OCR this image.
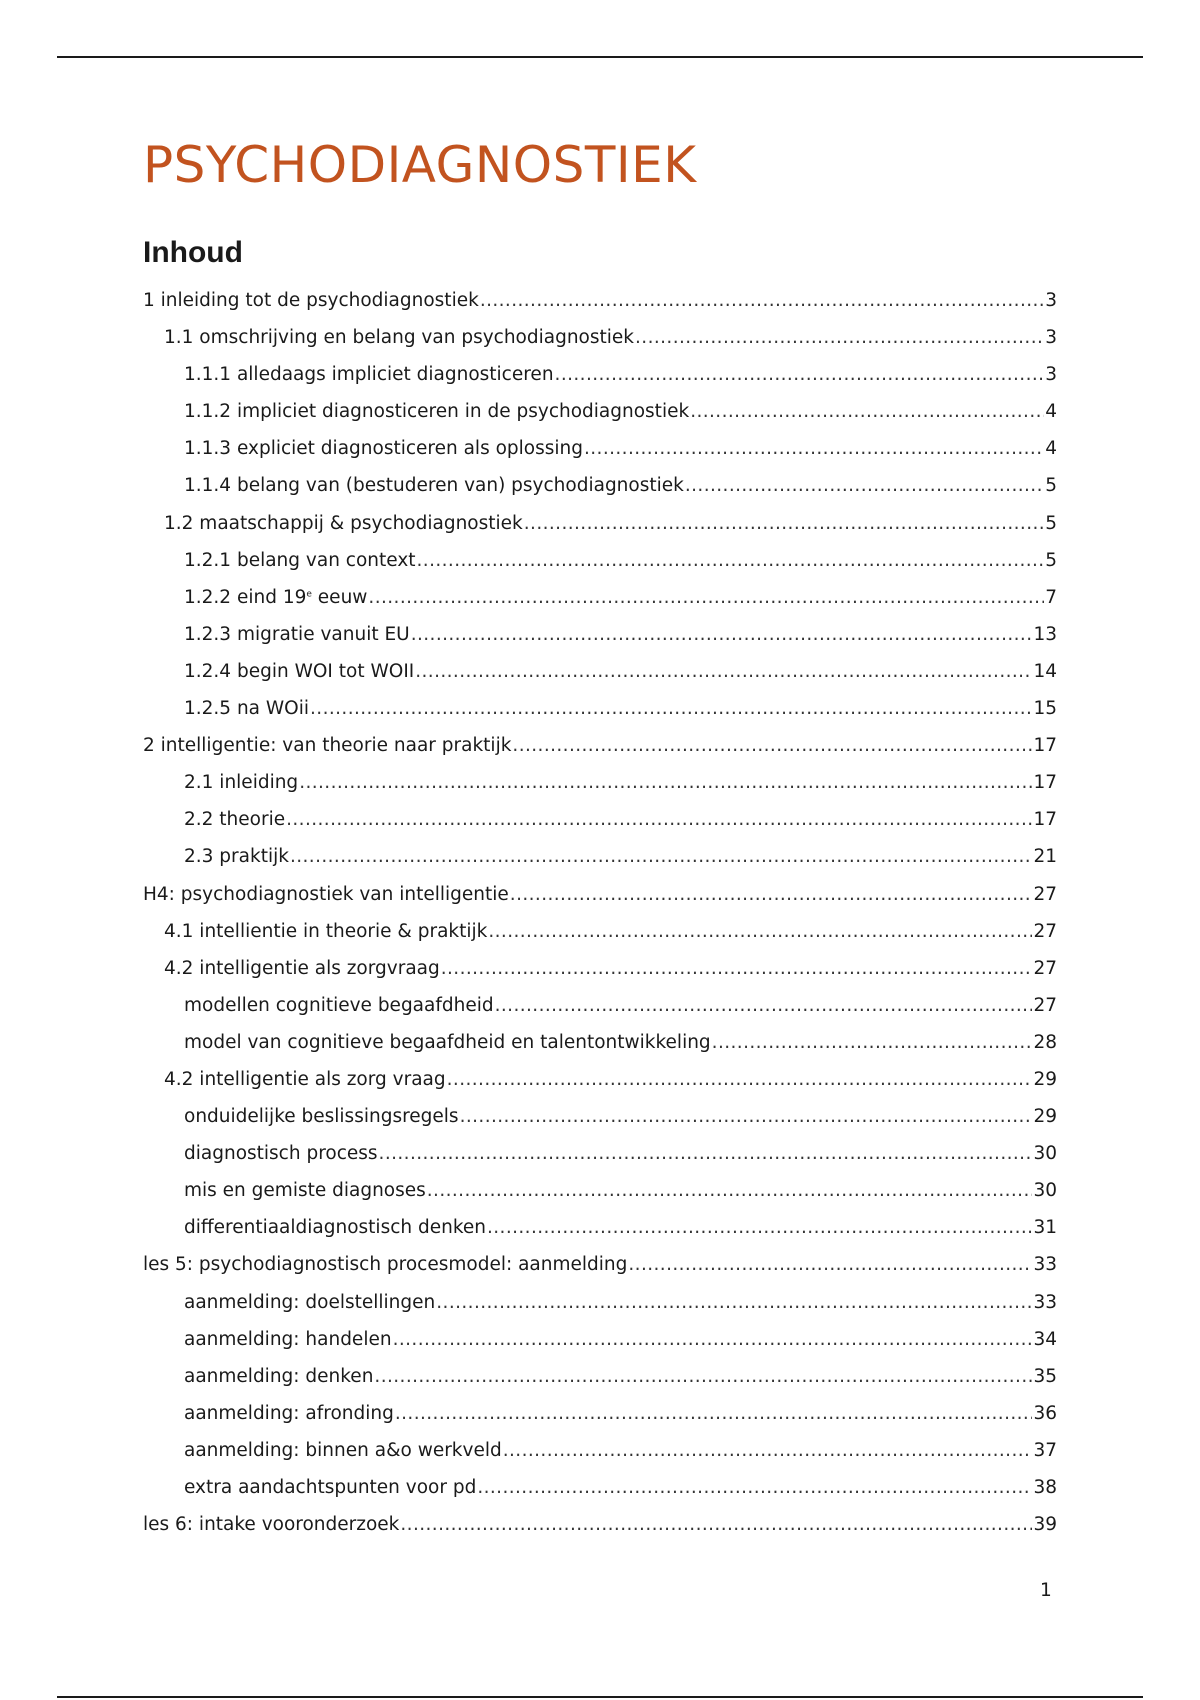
PSYCHODIAGNOSTIEK
Inhoud
1 inleiding tot de psychodiagnostiek .....	3
1.1 omschrijving en belang van psychodiagnostiek .....	3
1.1.1 alledaags impliciet diagnosticeren .....	3
1.1.2 impliciet diagnosticeren in de psychodiagnostiek .....	4
1.1.3 expliciet diagnosticeren als oplossing .....	4
1.1.4 belang van (bestuderen van) psychodiagnostiek .....	5
1.2 maatschappij & psychodiagnostiek .....	5
1.2.1 belang van context .....	5
1.2.2 eind 19e eeuw .....	7
1.2.3 migratie vanuit EU .....	13
1.2.4 begin WOI tot WOII .....	14
1.2.5 na WOii .....	15
2 intelligentie: van theorie naar praktijk .....	17
2.1 inleiding .....	17
2.2 theorie .....	17
2.3 praktijk .....	21
H4: psychodiagnostiek van intelligentie .....	27
4.1 intellientie in theorie & praktijk .....	27
4.2 intelligentie als zorgvraag .....	27
modellen cognitieve begaafdheid .....	27
model van cognitieve begaafdheid en talentontwikkeling .....	28
4.2 intelligentie als zorg vraag .....	29
onduidelijke beslissingsregels .....	29
diagnostisch process .....	30
mis en gemiste diagnoses .....	30
differentiaaldiagnostisch denken .....	31
les 5: psychodiagnostisch procesmodel: aanmelding .....	33
aanmelding: doelstellingen .....	33
aanmelding: handelen .....	34
aanmelding: denken .....	35
aanmelding: afronding .....	36
aanmelding: binnen a&o werkveld .....	37
extra aandachtspunten voor pd .....	38
les 6: intake vooronderzoek .....	39
1
